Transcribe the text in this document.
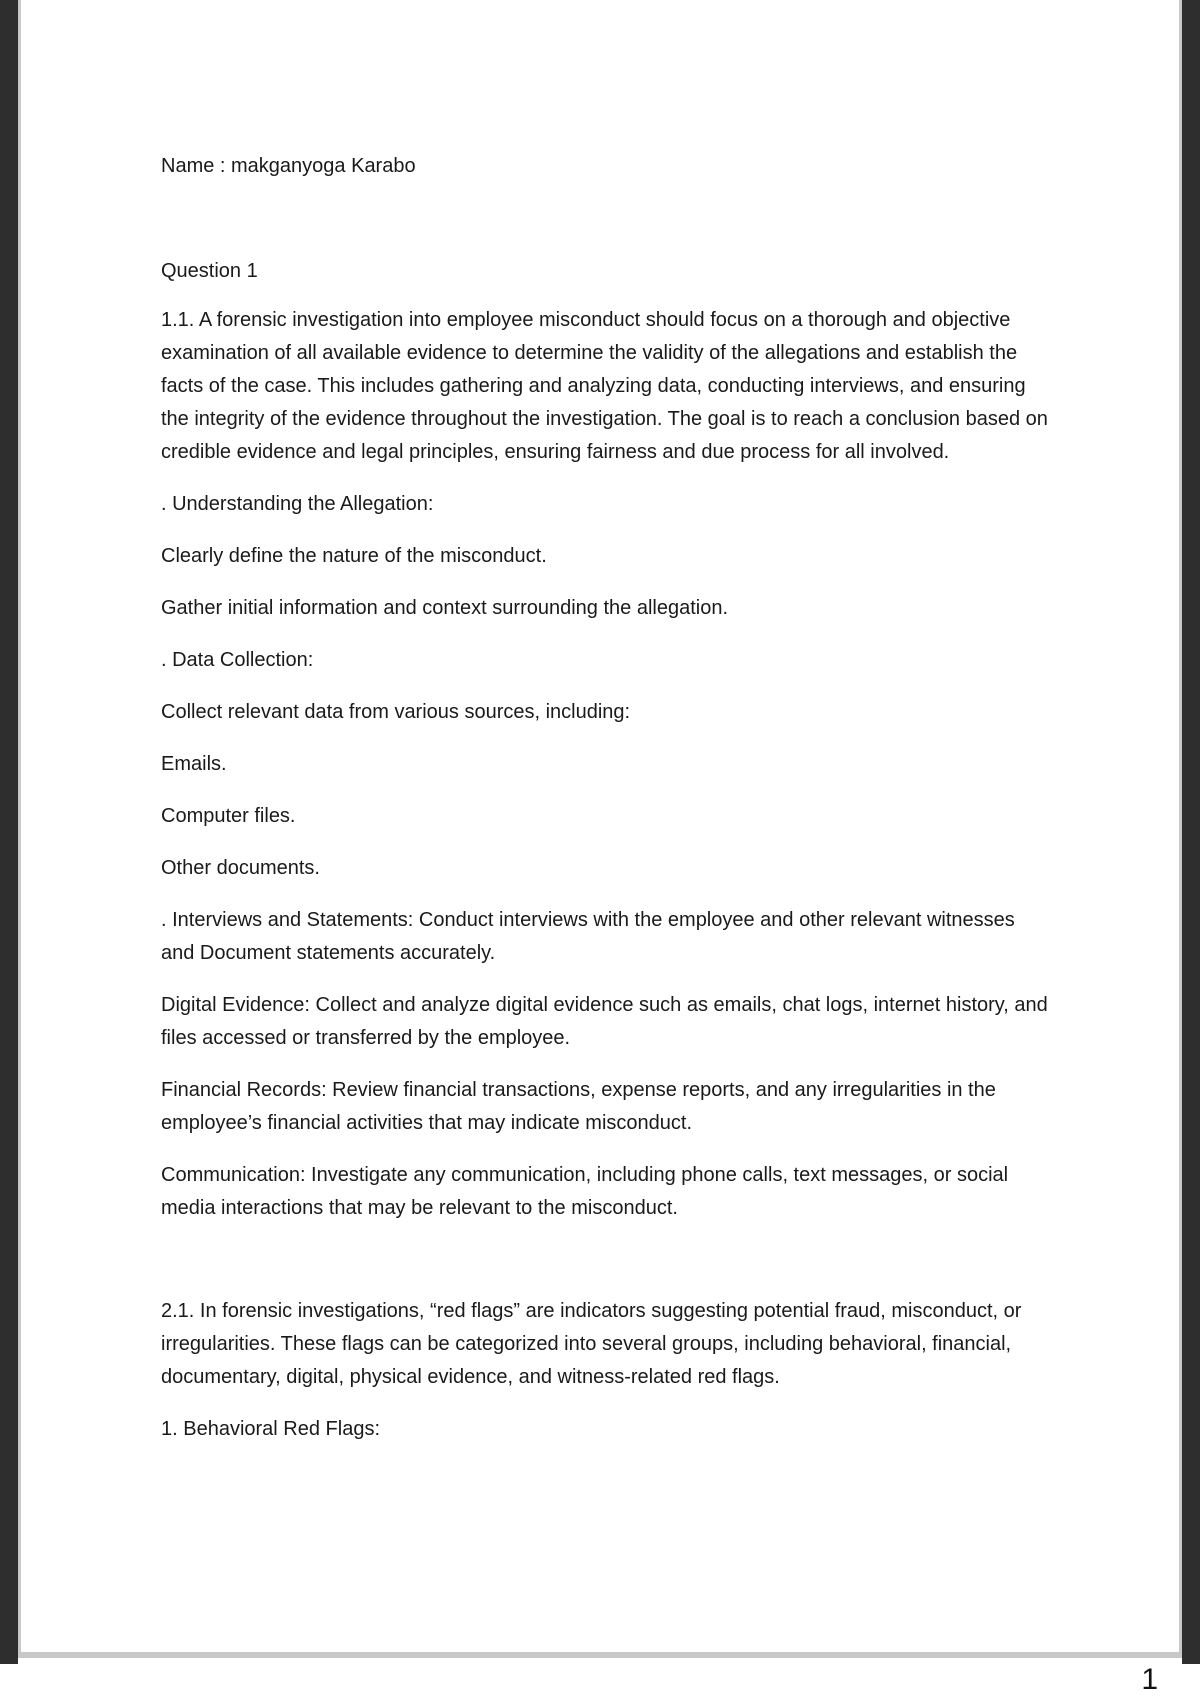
Name : makganyoga Karabo

Question 1

1.1. A forensic investigation into employee misconduct should focus on a thorough and objective examination of all available evidence to determine the validity of the allegations and establish the facts of the case. This includes gathering and analyzing data, conducting interviews, and ensuring the integrity of the evidence throughout the investigation. The goal is to reach a conclusion based on credible evidence and legal principles, ensuring fairness and due process for all involved.

. Understanding the Allegation:

Clearly define the nature of the misconduct.

Gather initial information and context surrounding the allegation.

. Data Collection:

Collect relevant data from various sources, including:

Emails.

Computer files.

Other documents.

. Interviews and Statements: Conduct interviews with the employee and other relevant witnesses and Document statements accurately.

Digital Evidence: Collect and analyze digital evidence such as emails, chat logs, internet history, and files accessed or transferred by the employee.

Financial Records: Review financial transactions, expense reports, and any irregularities in the employee’s financial activities that may indicate misconduct.

Communication: Investigate any communication, including phone calls, text messages, or social media interactions that may be relevant to the misconduct.

2.1. In forensic investigations, “red flags” are indicators suggesting potential fraud, misconduct, or irregularities. These flags can be categorized into several groups, including behavioral, financial, documentary, digital, physical evidence, and witness-related red flags.

1. Behavioral Red Flags:

1
